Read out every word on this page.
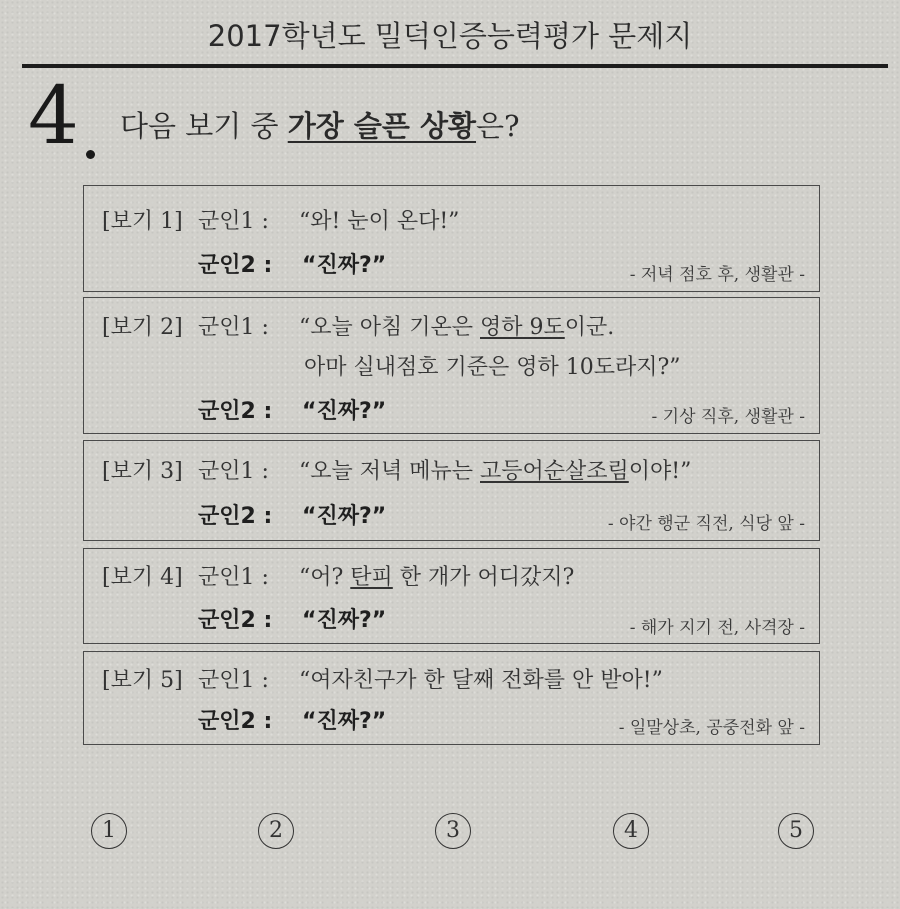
2017학년도 밀덕인증능력평가 문제지
4 다음 보기 중 가장 슬픈 상황은?
[보기 1] 군인1 : “와! 눈이 온다!”
군인2 : “진짜?”	- 저녁 점호 후, 생활관 -
[보기 2] 군인1 : “오늘 아침 기온은 영하 9도이군.
아마 실내점호 기준은 영하 10도라지?”
군인2 : “진짜?”	- 기상 직후, 생활관 -
[보기 3] 군인1 : “오늘 저녁 메뉴는 고등어순살조림이야!”
군인2 : “진짜?”	- 야간 행군 직전, 식당 앞 -
[보기 4] 군인1 : “어? 탄피 한 개가 어디갔지?
군인2 : “진짜?”	- 해가 지기 전, 사격장 -
[보기 5] 군인1 : “여자친구가 한 달째 전화를 안 받아!”
군인2 : “진짜?”	- 일말상초, 공중전화 앞 -
1	2	3	4	5
